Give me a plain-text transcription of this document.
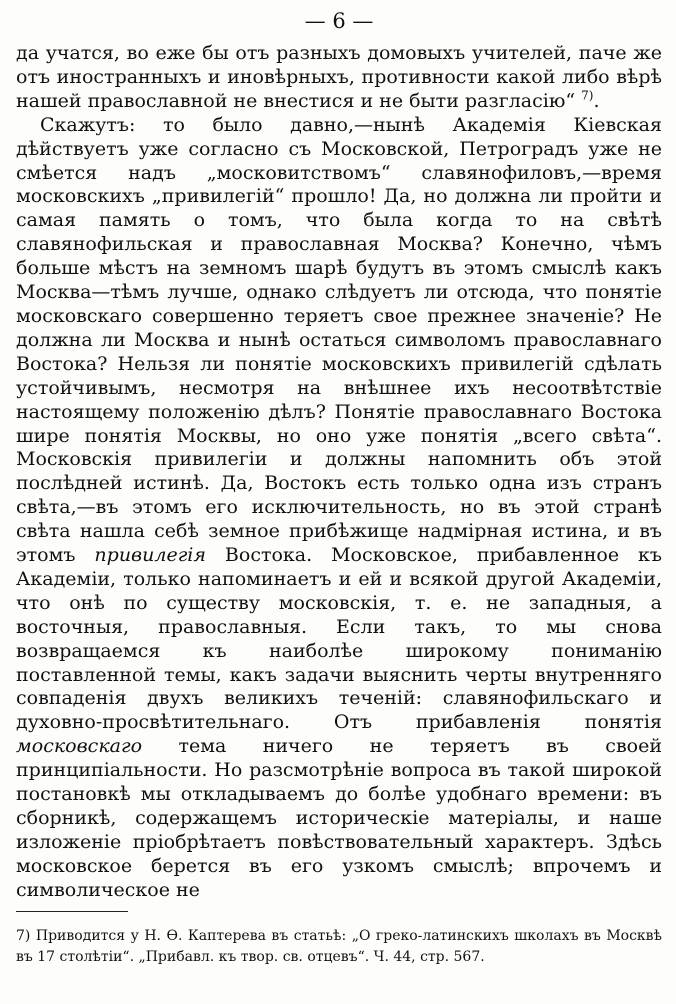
— 6 —

да учатся, во еже бы отъ разныхъ домовыхъ учителей, паче же отъ иностранныхъ и иновѣрныхъ, противности какой либо вѣрѣ нашей православной не внестися и не быти разгласію“ $^{7)}$.

Скажутъ: то было давно,—нынѣ Академія Кіевская дѣйствуетъ уже согласно съ Московской, Петроградъ уже не смѣется надъ „московитствомъ“ славянофиловъ,—время московскихъ „привилегій“ прошло! Да, но должна ли пройти и самая память о томъ, что была когда то на свѣтѣ славянофильская и православная Москва? Конечно, чѣмъ больше мѣстъ на земномъ шарѣ будутъ въ этомъ смыслѣ какъ Москва—тѣмъ лучше, однако слѣдуетъ ли отсюда, что понятіе московскаго совершенно теряетъ свое прежнее значеніе? Не должна ли Москва и нынѣ остаться символомъ православнаго Востока? Нельзя ли понятіе московскихъ привилегій сдѣлать устойчивымъ, несмотря на внѣшнее ихъ несоотвѣтствіе настоящему положенію дѣлъ? Понятіе православнаго Востока шире понятія Москвы, но оно уже понятія „всего свѣта“. Московскія привилегіи и должны напомнить объ этой послѣдней истинѣ. Да, Востокъ есть только одна изъ странъ свѣта,—въ этомъ его исключительность, но въ этой странѣ свѣта нашла себѣ земное прибѣжище надмірная истина, и въ этомъ привилегія Востока. Московское, прибавленное къ Академіи, только напоминаетъ и ей и всякой другой Академіи, что онѣ по существу московскія, т. е. не западныя, а восточныя, православныя. Если такъ, то мы снова возвращаемся къ наиболѣе широкому пониманію поставленной темы, какъ задачи выяснить черты внутренняго совпаденія двухъ великихъ теченій: славянофильскаго и духовно-просвѣтительнаго. Отъ прибавленія понятія московскаго тема ничего не теряетъ въ своей принципіальности. Но разсмотрѣніе вопроса въ такой широкой постановкѣ мы откладываемъ до болѣе удобнаго времени: въ сборникѣ, содержащемъ историческіе матеріалы, и наше изложеніе пріобрѣтаетъ повѣствовательный характеръ. Здѣсь московское берется въ его узкомъ смыслѣ; впрочемъ и символическое не

7) Приводится у Н. Ѳ. Каптерева въ статьѣ: „О греко-латинскихъ школахъ въ Москвѣ въ 17 столѣтіи“. „Прибавл. къ твор. св. отцевъ“. Ч. 44, стр. 567.
